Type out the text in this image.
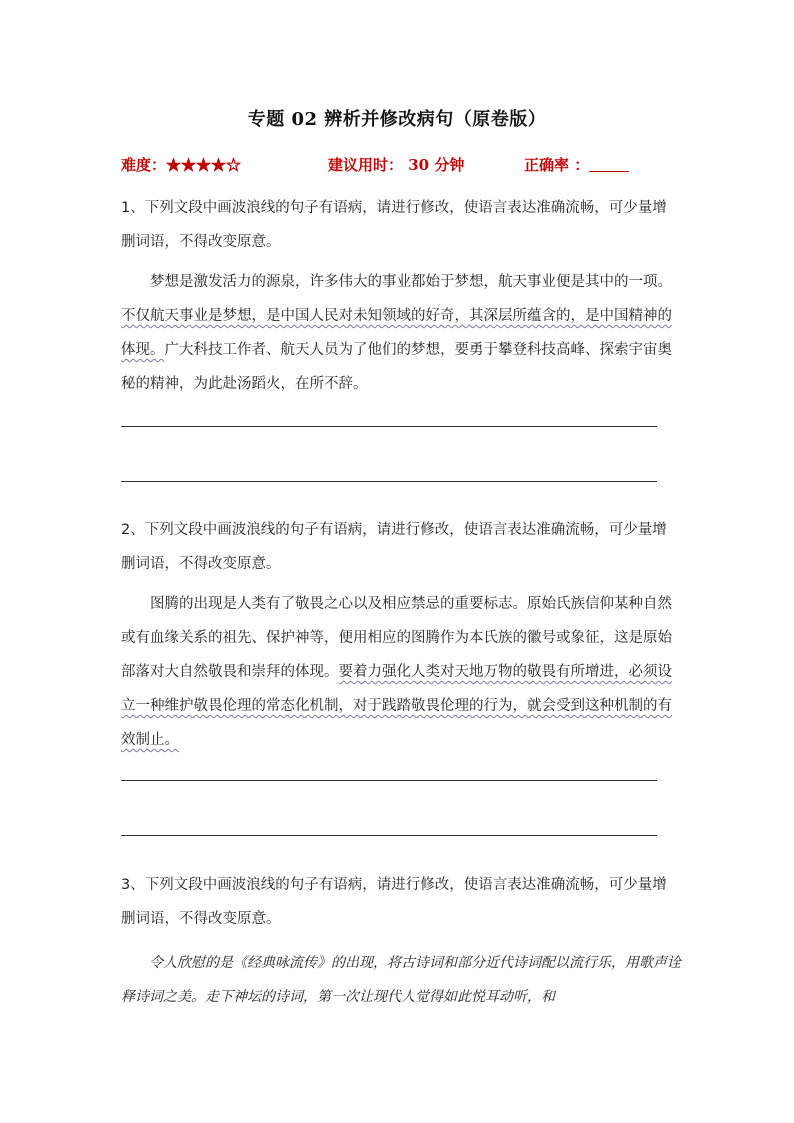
专题 02 辨析并修改病句（原卷版）
难度：★★★★☆	建议用时： 30 分钟	正确率 ：
1、下列文段中画波浪线的句子有语病，请进行修改，使语言表达准确流畅，可少量增删词语，不得改变原意。
梦想是激发活力的源泉，许多伟大的事业都始于梦想，航天事业便是其中的一项。不仅航天事业是梦想，是中国人民对未知领域的好奇，其深层所蕴含的，是中国精神的体现。广大科技工作者、航天人员为了他们的梦想，要勇于攀登科技高峰、探索宇宙奥秘的精神，为此赴汤蹈火，在所不辞。
2、下列文段中画波浪线的句子有语病，请进行修改，使语言表达准确流畅，可少量增删词语，不得改变原意。
图腾的出现是人类有了敬畏之心以及相应禁忌的重要标志。原始氏族信仰某种自然或有血缘关系的祖先、保护神等，便用相应的图腾作为本氏族的徽号或象征，这是原始部落对大自然敬畏和崇拜的体现。要着力强化人类对天地万物的敬畏有所增进，必须设立一种维护敬畏伦理的常态化机制，对于践踏敬畏伦理的行为，就会受到这种机制的有效制止。
3、下列文段中画波浪线的句子有语病，请进行修改，使语言表达准确流畅，可少量增删词语，不得改变原意。
令人欣慰的是《经典咏流传》的出现，将古诗词和部分近代诗词配以流行乐，用歌声诠释诗词之美。走下神坛的诗词，第一次让现代人觉得如此悦耳动听，和
